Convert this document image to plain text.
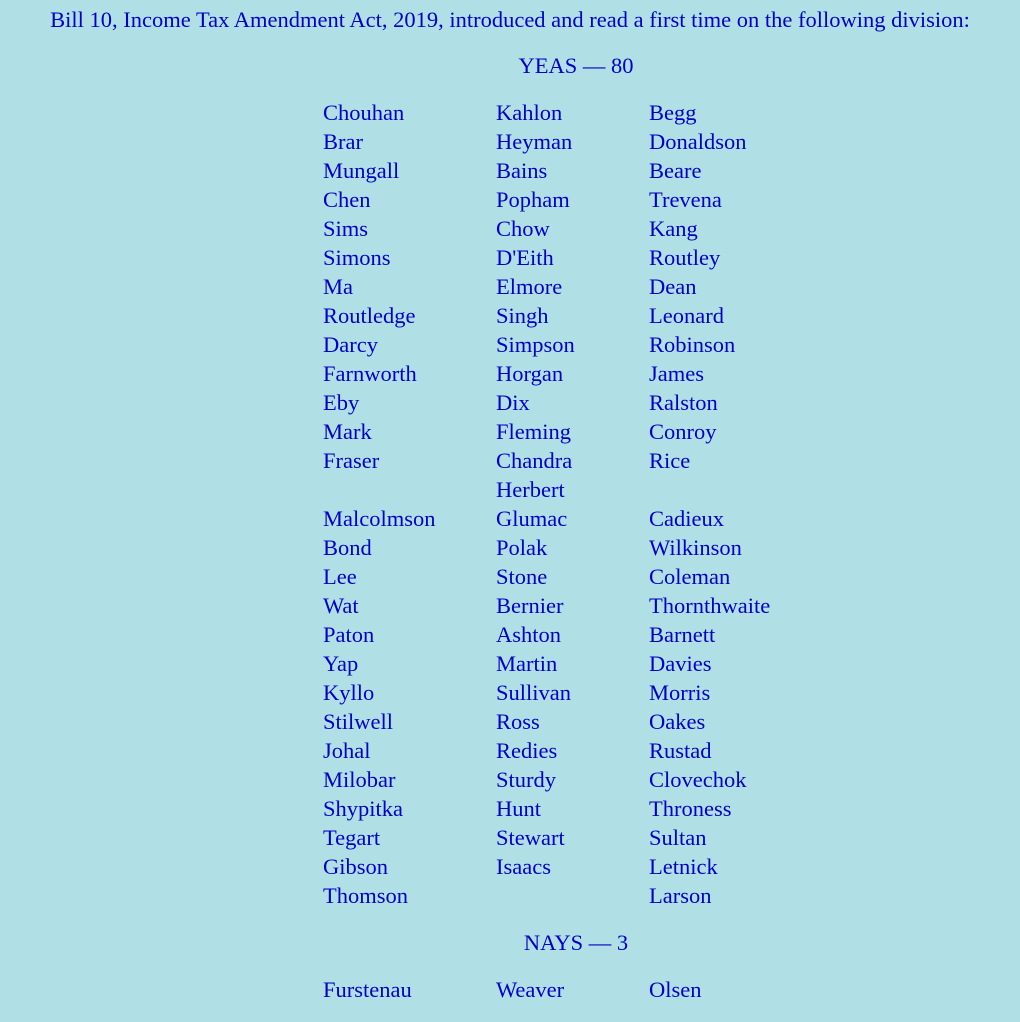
Bill 10, Income Tax Amendment Act, 2019, introduced and read a first time on the following division:
YEAS — 80
Chouhan
Brar
Mungall
Chen
Sims
Simons
Ma
Routledge
Darcy
Farnworth
Eby
Mark
Fraser
Malcolmson
Bond
Lee
Wat
Paton
Yap
Kyllo
Stilwell
Johal
Milobar
Shypitka
Tegart
Gibson
Thomson
Kahlon
Heyman
Bains
Popham
Chow
D'Eith
Elmore
Singh
Simpson
Horgan
Dix
Fleming
Chandra
Herbert
Glumac
Polak
Stone
Bernier
Ashton
Martin
Sullivan
Ross
Redies
Sturdy
Hunt
Stewart
Isaacs
Begg
Donaldson
Beare
Trevena
Kang
Routley
Dean
Leonard
Robinson
James
Ralston
Conroy
Rice
Cadieux
Wilkinson
Coleman
Thornthwaite
Barnett
Davies
Morris
Oakes
Rustad
Clovechok
Throness
Sultan
Letnick
Larson
NAYS — 3
Furstenau	Weaver	Olsen
